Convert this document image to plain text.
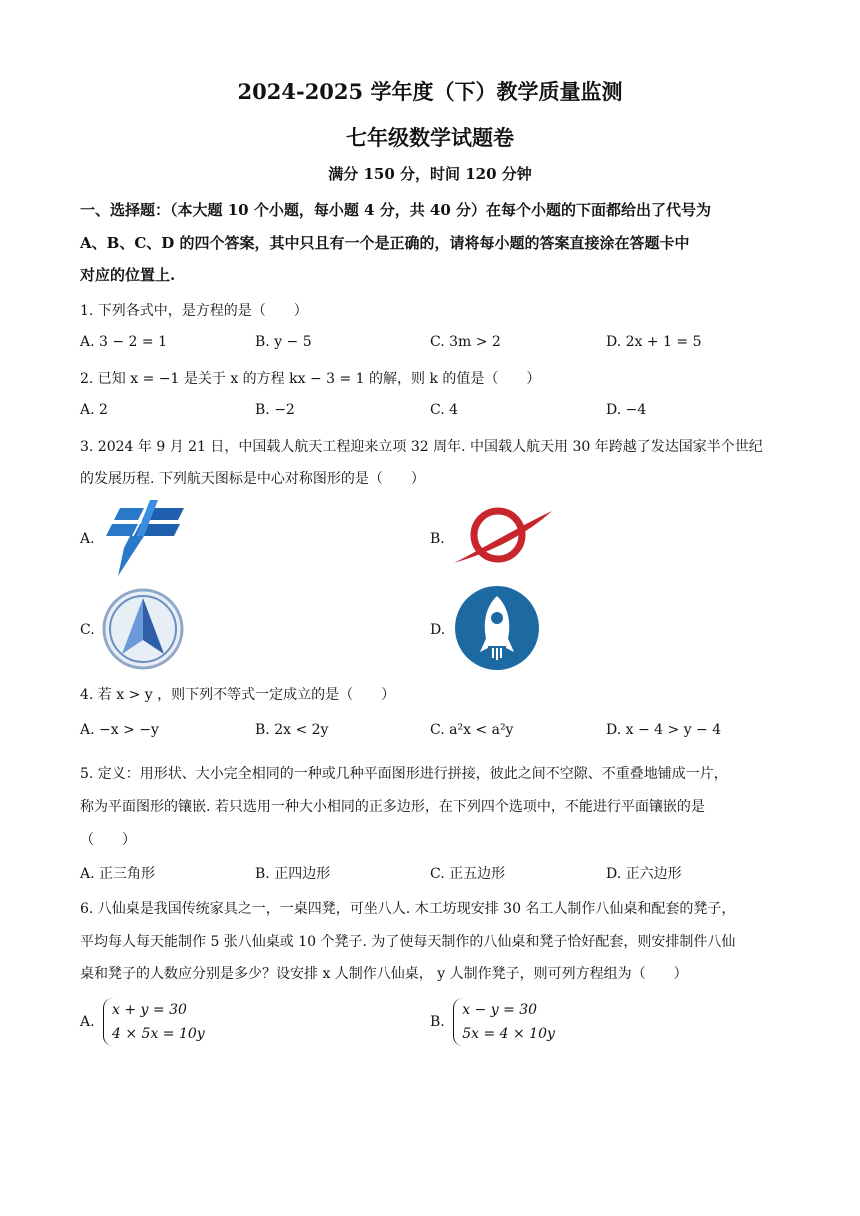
2024-2025 学年度（下）教学质量监测
七年级数学试题卷
满分 150 分，时间 120 分钟
一、选择题：（本大题 10 个小题，每小题 4 分，共 40 分）在每个小题的下面都给出了代号为
A、B、C、D 的四个答案，其中只且有一个是正确的，请将每小题的答案直接涂在答题卡中
对应的位置上.
1. 下列各式中，是方程的是（　　）
A. 3 − 2 = 1	B. y − 5	C. 3m > 2	D. 2x + 1 = 5
2. 已知 x = −1 是关于 x 的方程 kx − 3 = 1 的解，则 k 的值是（　　）
A. 2	B. −2	C. 4	D. −4
3. 2024 年 9 月 21 日，中国载人航天工程迎来立项 32 周年. 中国载人航天用 30 年跨越了发达国家半个世纪
的发展历程. 下列航天图标是中心对称图形的是（　　）
A.	B.
C.	D.
4. 若 x > y ，则下列不等式一定成立的是（　　）
A. −x > −y	B. 2x < 2y	C. a²x < a²y	D. x − 4 > y − 4
5. 定义：用形状、大小完全相同的一种或几种平面图形进行拼接，彼此之间不空隙、不重叠地铺成一片，
称为平面图形的镶嵌. 若只选用一种大小相同的正多边形，在下列四个选项中，不能进行平面镶嵌的是
（　　）
A. 正三角形	B. 正四边形	C. 正五边形	D. 正六边形
6. 八仙桌是我国传统家具之一，一桌四凳，可坐八人. 木工坊现安排 30 名工人制作八仙桌和配套的凳子，
平均每人每天能制作 5 张八仙桌或 10 个凳子. 为了使每天制作的八仙桌和凳子恰好配套，则安排制件八仙
桌和凳子的人数应分别是多少？设安排 x 人制作八仙桌， y 人制作凳子，则可列方程组为（　　）
A.
x + y = 30
4 × 5x = 10y
B.
x − y = 30
5x = 4 × 10y
